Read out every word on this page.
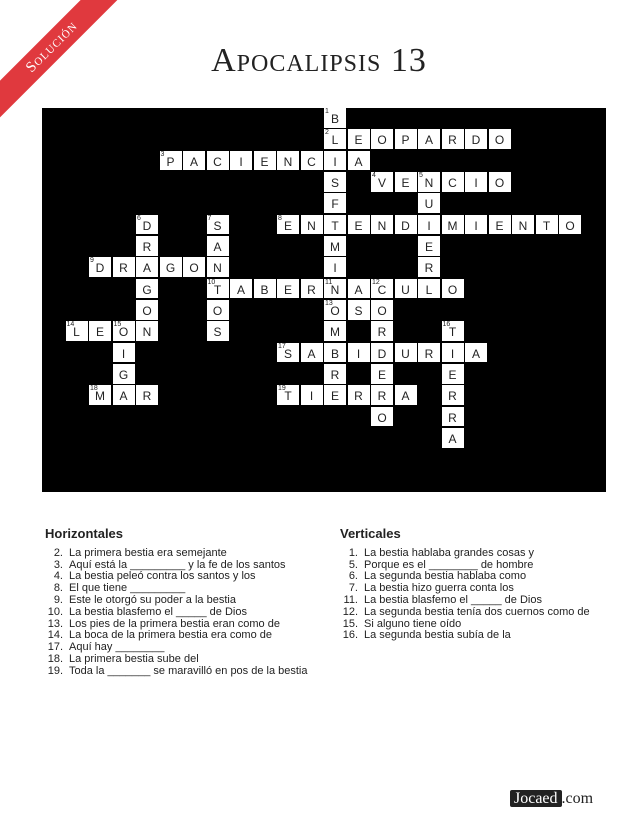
Solución	Apocalipsis 13
1
B
2
L	E	O	P	A	R	D	O
3
P	A	C	I	E	N	C	I	A
S
4
V	E
5
N	C	I	O
F	U
6
D
7
S
8
E	N	T	E	N	D	I	M	I	E	N	T	O
R	A	M	E
9
D	R	A	G	O	N	I	R
G
10
T	A	B	E	R
11
N	A
12
C	U	L	O
O	O
13
O	S	O
14
L	E
15
O	N	S	M	R
16
T
I
17
S	A	B	I	D	U	R	I	A
G	R	E	E
18
M	A	R
19
T	I	E	R	R	A	R
O	R
A
Horizontales
2. La primera bestia era semejante
3. Aquí está la _________ y la fe de los santos
4. La bestia peleó contra los santos y los
8. El que tiene _________
9. Este le otorgó su poder a la bestia
10. La bestia blasfemo el _____ de Dios
13. Los pies de la primera bestia eran como de
14. La boca de la primera bestia era como de
17. Aquí hay ________
18. La primera bestia sube del
19. Toda la _______ se maravilló en pos de la bestia
Verticales
1. La bestia hablaba grandes cosas y
5. Porque es el ________ de hombre
6. La segunda bestia hablaba como
7. La bestia hizo guerra conta los
11. La bestia blasfemo el _____ de Dios
12. La segunda bestia tenía dos cuernos como de
15. Si alguno tiene oído
16. La segunda bestia subía de la
Jocaed .com
